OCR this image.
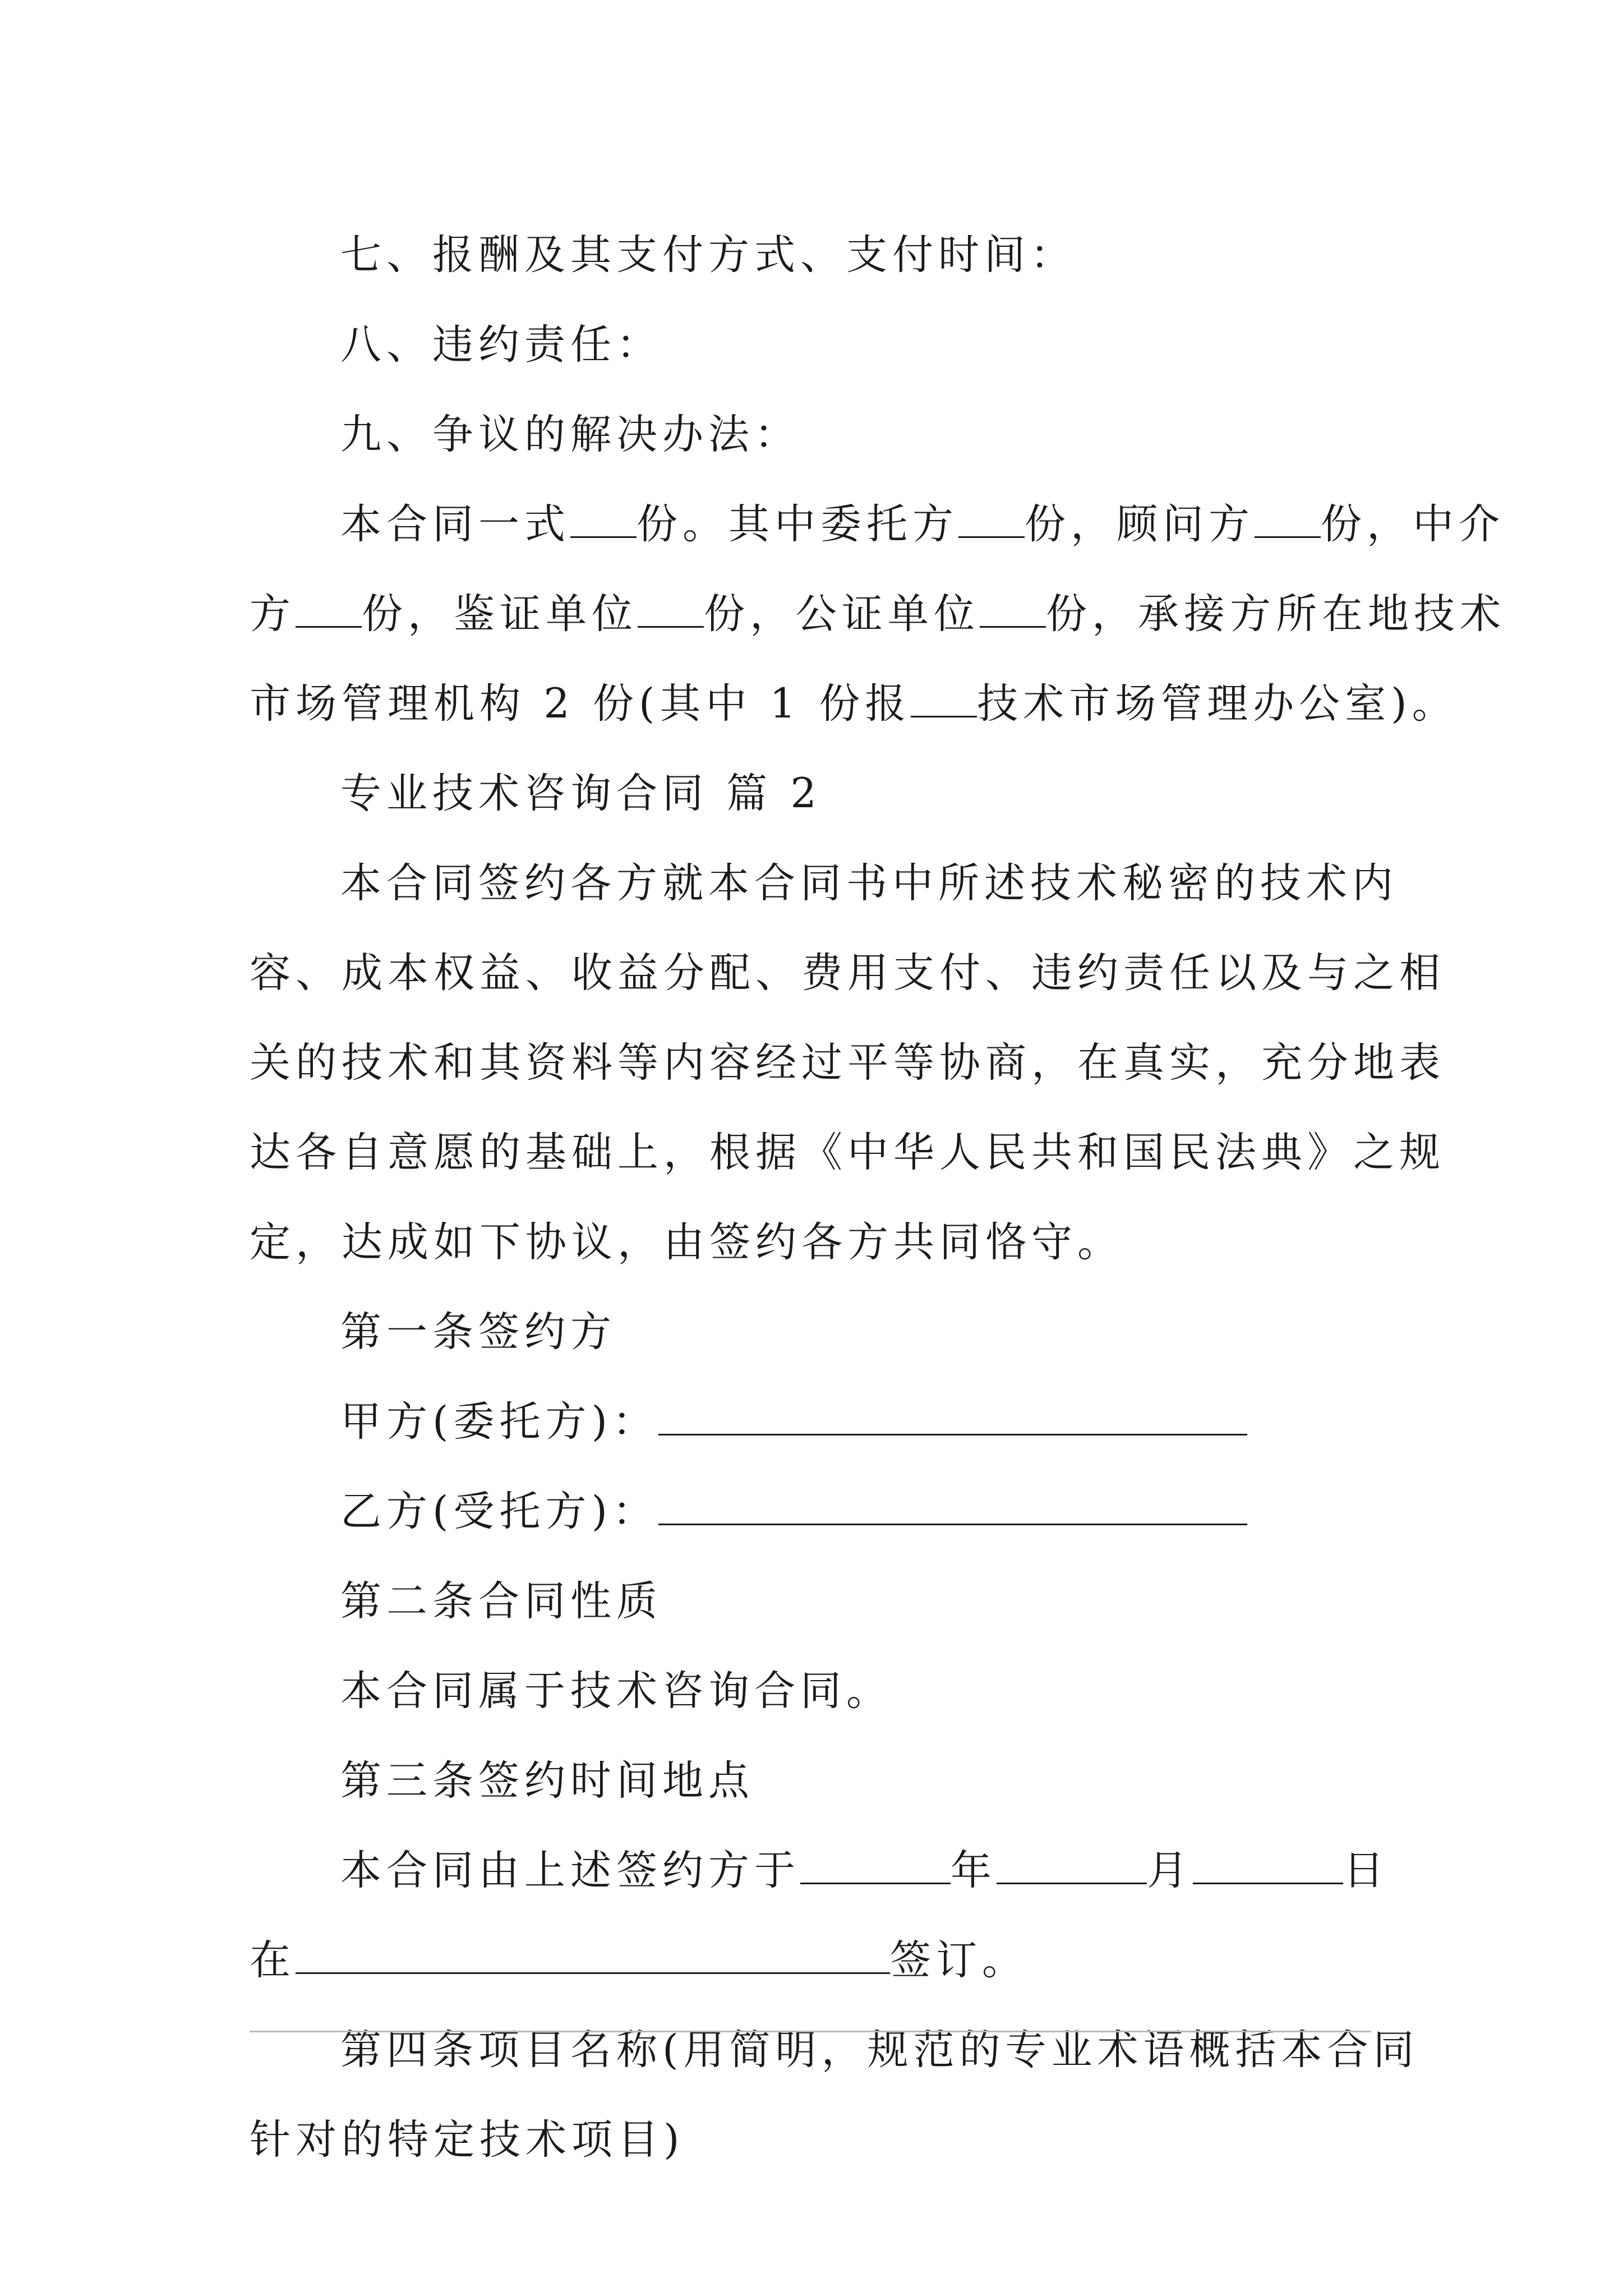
七、报酬及其支付方式、支付时间：
八、违约责任：
九、争议的解决办法：
本合同一式 份。其中委托方 份，顾问方 份，中介
方 份，鉴证单位 份，公证单位 份，承接方所在地技术
市场管理机构 2 份(其中 1 份报 技术市场管理办公室)。
专业技术咨询合同 篇 2
本合同签约各方就本合同书中所述技术秘密的技术内
容、成本权益、收益分配、费用支付、违约责任以及与之相
关的技术和其资料等内容经过平等协商，在真实，充分地表
达各自意愿的基础上，根据《中华人民共和国民法典》之规
定，达成如下协议，由签约各方共同恪守。
第一条签约方
甲方(委托方)：
乙方(受托方)：
第二条合同性质
本合同属于技术咨询合同。
第三条签约时间地点
本合同由上述签约方于	年	月	日
在	签订。
第四条项目名称(用简明，规范的专业术语概括本合同
针对的特定技术项目)
